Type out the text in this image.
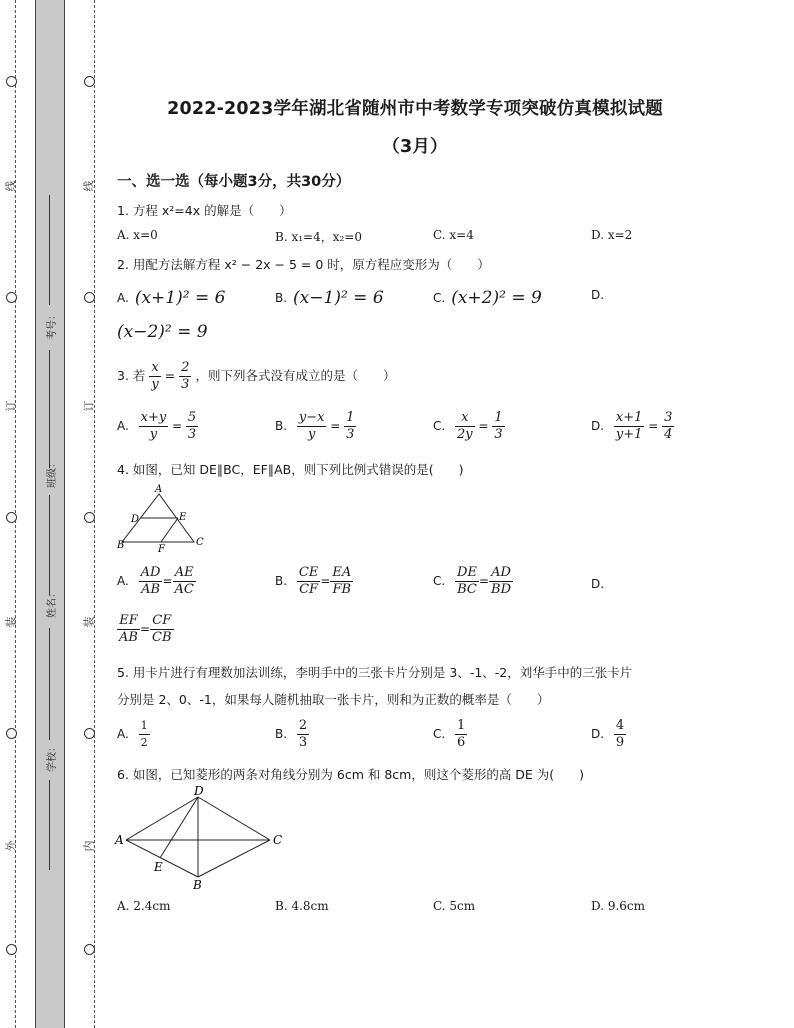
线
订
装
外
线
订
装
内
考号：
班级：
姓名：
学校：
2022-2023学年湖北省随州市中考数学专项突破仿真模拟试题
（3月）
一、选一选（每小题3分，共30分）
1. 方程 x²=4x 的解是（　　）
A. x=0	B. x₁=4，x₂=0	C. x=4	D. x=2
2. 用配方法解方程 x² − 2x − 5 = 0 时，原方程应变形为（　　）
A. (x+1)² = 6	B. (x−1)² = 6	C. (x+2)² = 9	D.
(x−2)² = 9
3. 若 $\frac{x}{y} = \frac{2}{3}$ ，则下列各式没有成立的是（　　）
A. $\frac{x+y}{y} = \frac{5}{3}$	B. $\frac{y-x}{y} = \frac{1}{3}$	C. $\frac{x}{2y} = \frac{1}{3}$	D. $\frac{x+1}{y+1} = \frac{3}{4}$
4. 如图，已知 DE∥BC，EF∥AB，则下列比例式错误的是(　　)
A
D	E
B	F
C
A. $\frac{AD}{AB} = \frac{AE}{AC}$	B. $\frac{CE}{CF} = \frac{EA}{FB}$	C. $\frac{DE}{BC} = \frac{AD}{BD}$	D.
$\frac{EF}{AB} = \frac{CF}{CB}$
5. 用卡片进行有理数加法训练，李明手中的三张卡片分别是 3、-1、-2，刘华手中的三张卡片
分别是 2、0、-1，如果每人随机抽取一张卡片，则和为正数的概率是（　　）
A. $\frac{1}{2}$	B. $\frac{2}{3}$	C. $\frac{1}{6}$	D. $\frac{4}{9}$
6. 如图，已知菱形的两条对角线分别为 6cm 和 8cm，则这个菱形的高 DE 为(　　)
D
A	C
E
B
A. 2.4cm	B. 4.8cm	C. 5cm	D. 9.6cm
